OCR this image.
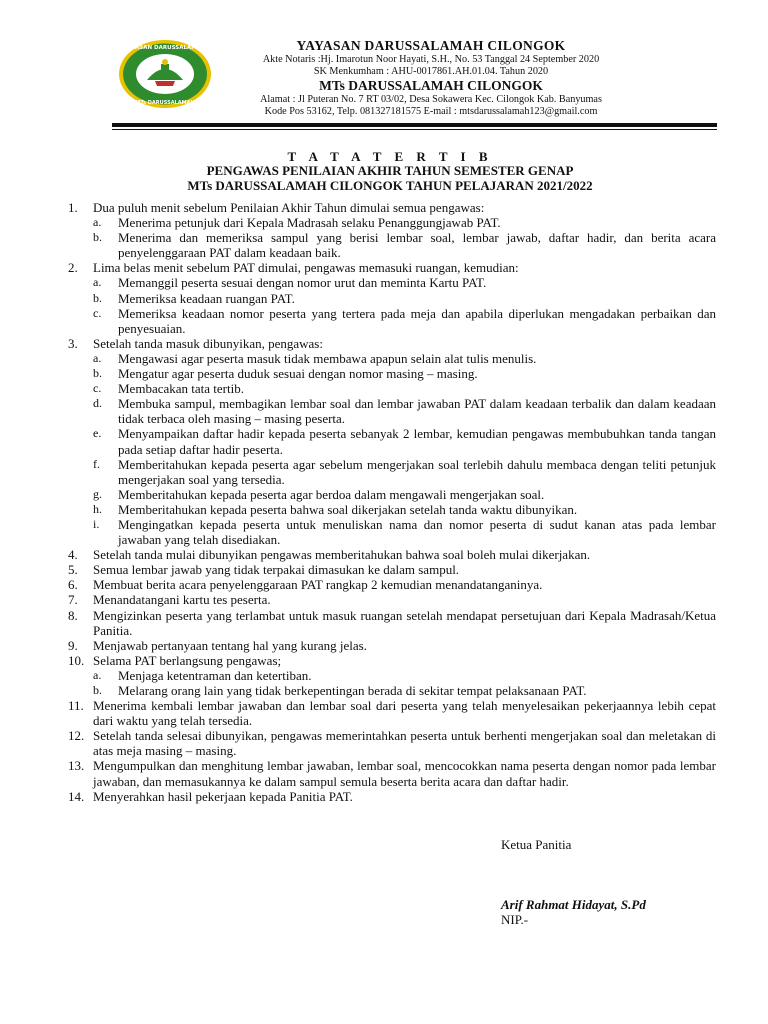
YAYASAN DARUSSALAMAH
MTs DARUSSALAMAH
YAYASAN DARUSSALAMAH CILONGOK
Akte Notaris :Hj. Imarotun Noor Hayati, S.H., No. 53 Tanggal 24 September 2020
SK Menkumham : AHU-0017861.AH.01.04. Tahun 2020
MTs DARUSSALAMAH CILONGOK
Alamat : Jl Puteran No. 7 RT 03/02, Desa Sokawera Kec. Cilongok Kab. Banyumas
Kode Pos 53162, Telp. 081327181575 E-mail : mtsdarussalamah123@gmail.com
T A T A T E R T I B
PENGAWAS PENILAIAN AKHIR TAHUN SEMESTER GENAP
MTs DARUSSALAMAH CILONGOK TAHUN PELAJARAN 2021/2022
1.	Dua puluh menit sebelum Penilaian Akhir Tahun dimulai semua pengawas:
a.	Menerima petunjuk dari Kepala Madrasah selaku Penanggungjawab PAT.
b.	Menerima dan memeriksa sampul yang berisi lembar soal, lembar jawab, daftar hadir, dan berita acara penyelenggaraan PAT dalam keadaan baik.
2.	Lima belas menit sebelum PAT dimulai, pengawas memasuki ruangan, kemudian:
a.	Memanggil peserta sesuai dengan nomor urut dan meminta Kartu PAT.
b.	Memeriksa keadaan ruangan PAT.
c.	Memeriksa keadaan nomor peserta yang tertera pada meja dan apabila diperlukan mengadakan perbaikan dan penyesuaian.
3.	Setelah tanda masuk dibunyikan, pengawas:
a.	Mengawasi agar peserta masuk tidak membawa apapun selain alat tulis menulis.
b.	Mengatur agar peserta duduk sesuai dengan nomor masing – masing.
c.	Membacakan tata tertib.
d.	Membuka sampul, membagikan lembar soal dan lembar jawaban PAT dalam keadaan terbalik dan dalam keadaan tidak terbaca oleh masing – masing peserta.
e.	Menyampaikan daftar hadir kepada peserta sebanyak 2 lembar, kemudian pengawas membubuhkan tanda tangan pada setiap daftar hadir peserta.
f.	Memberitahukan kepada peserta agar sebelum mengerjakan soal terlebih dahulu membaca dengan teliti petunjuk mengerjakan soal yang tersedia.
g.	Memberitahukan kepada peserta agar berdoa dalam mengawali mengerjakan soal.
h.	Memberitahukan kepada peserta bahwa soal dikerjakan setelah tanda waktu dibunyikan.
i.	Mengingatkan kepada peserta untuk menuliskan nama dan nomor peserta di sudut kanan atas pada lembar jawaban yang telah disediakan.
4.	Setelah tanda mulai dibunyikan pengawas memberitahukan bahwa soal boleh mulai dikerjakan.
5.	Semua lembar jawab yang tidak terpakai dimasukan ke dalam sampul.
6.	Membuat berita acara penyelenggaraan PAT rangkap 2 kemudian menandatanganinya.
7.	Menandatangani kartu tes peserta.
8.	Mengizinkan peserta yang terlambat untuk masuk ruangan setelah mendapat persetujuan dari Kepala Madrasah/Ketua Panitia.
9.	Menjawab pertanyaan tentang hal yang kurang jelas.
10. Selama PAT berlangsung pengawas;
a.	Menjaga ketentraman dan ketertiban.
b.	Melarang orang lain yang tidak berkepentingan berada di sekitar tempat pelaksanaan PAT.
11. Menerima kembali lembar jawaban dan lembar soal dari peserta yang telah menyelesaikan pekerjaannya lebih cepat dari waktu yang telah tersedia.
12. Setelah tanda selesai dibunyikan, pengawas memerintahkan peserta untuk berhenti mengerjakan soal dan meletakan di atas meja masing – masing.
13. Mengumpulkan dan menghitung lembar jawaban, lembar soal, mencocokkan nama peserta dengan nomor pada lembar jawaban, dan memasukannya ke dalam sampul semula beserta berita acara dan daftar hadir.
14. Menyerahkan hasil pekerjaan kepada Panitia PAT.
Ketua Panitia
Arif Rahmat Hidayat, S.Pd
NIP.-
